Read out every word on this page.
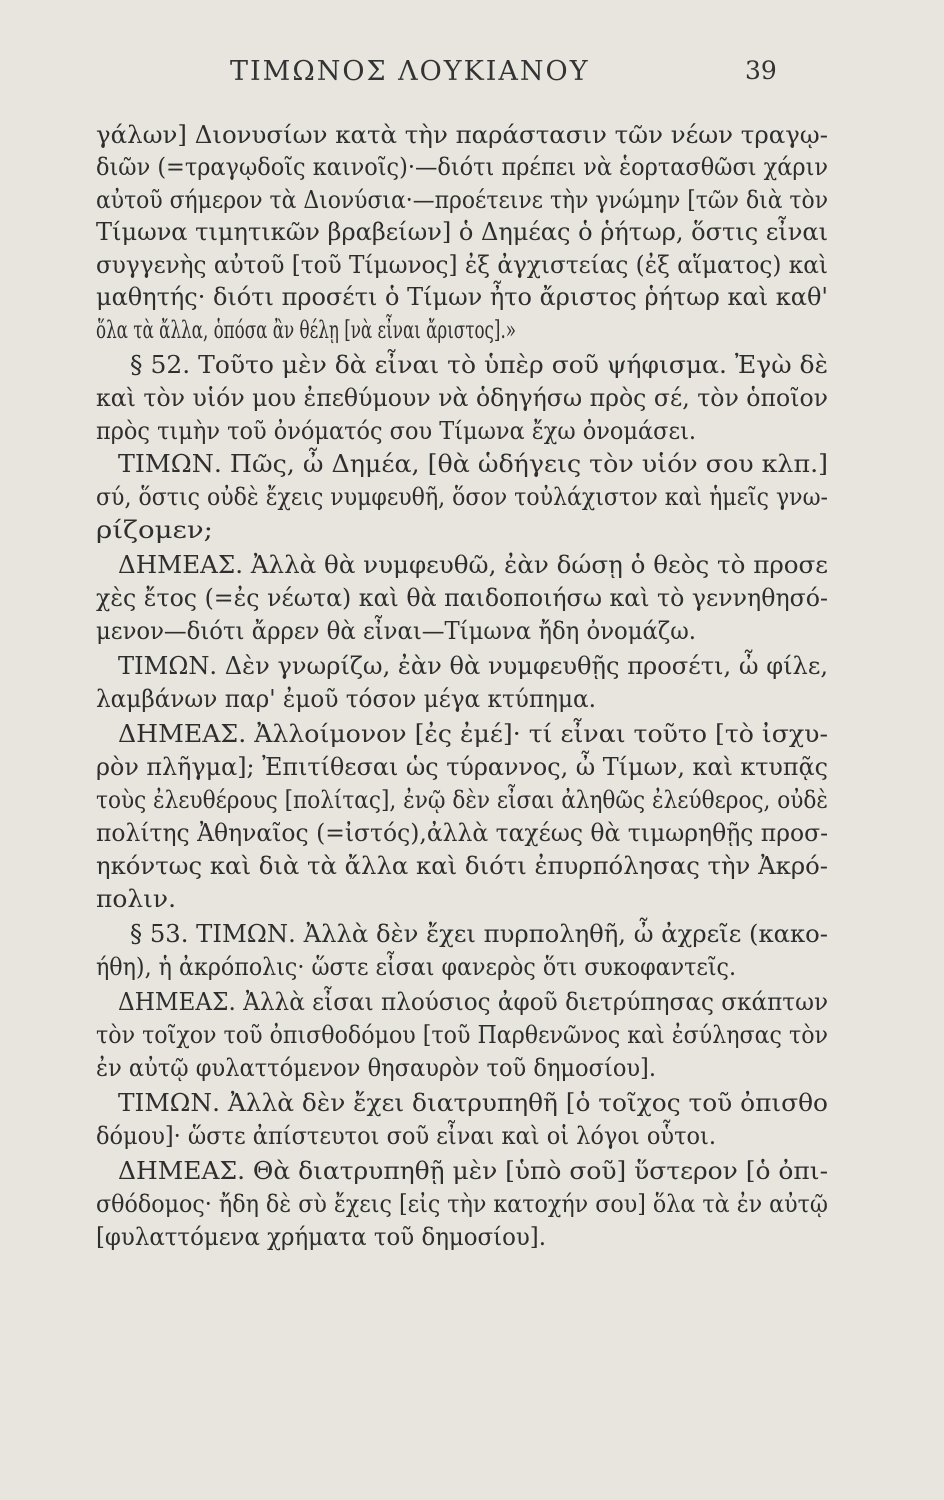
ΤΙΜΩΝΟΣ ΛΟΥΚΙΑΝΟΥ	39
γάλων] Διονυσίων κατὰ τὴν παράστασιν τῶν νέων τραγῳ-
διῶν (=τραγῳδοῖς καινοῖς)·—διότι πρέπει νὰ ἑορτασθῶσι χάριν
αὐτοῦ σήμερον τὰ Διονύσια·—προέτεινε τὴν γνώμην [τῶν διὰ τὸν
Τίμωνα τιμητικῶν βραβείων] ὁ Δημέας ὁ ῥήτωρ, ὅστις εἶναι
συγγενὴς αὐτοῦ [τοῦ Τίμωνος] ἐξ ἀγχιστείας (ἐξ αἵματος) καὶ
μαθητής· διότι προσέτι ὁ Τίμων ἦτο ἄριστος ῥήτωρ καὶ καθ'
ὅλα τὰ ἄλλα, ὁπόσα ἂν θέλῃ [νὰ εἶναι ἄριστος].»
§ 52. Τοῦτο μὲν δὰ εἶναι τὸ ὑπὲρ σοῦ ψήφισμα. Ἐγὼ δὲ
καὶ τὸν υἱόν μου ἐπεθύμουν νὰ ὁδηγήσω πρὸς σέ, τὸν ὁποῖον
πρὸς τιμὴν τοῦ ὀνόματός σου Τίμωνα ἔχω ὀνομάσει.
ΤΙΜΩΝ. Πῶς, ὦ Δημέα, [θὰ ὡδήγεις τὸν υἱόν σου κλπ.]
σύ, ὅστις οὐδὲ ἔχεις νυμφευθῆ, ὅσον τοὐλάχιστον καὶ ἡμεῖς γνω-
ρίζομεν;
ΔΗΜΕΑΣ. Ἀλλὰ θὰ νυμφευθῶ, ἐὰν δώσῃ ὁ θεὸς τὸ προσε
χὲς ἔτος (=ἐς νέωτα) καὶ θὰ παιδοποιήσω καὶ τὸ γεννηθησό-
μενον—διότι ἄρρεν θὰ εἶναι—Τίμωνα ἤδη ὀνομάζω.
ΤΙΜΩΝ. Δὲν γνωρίζω, ἐὰν θὰ νυμφευθῇς προσέτι, ὦ φίλε,
λαμβάνων παρ' ἐμοῦ τόσον μέγα κτύπημα.
ΔΗΜΕΑΣ. Ἀλλοίμονον [ἐς ἐμέ]· τί εἶναι τοῦτο [τὸ ἰσχυ-
ρὸν πλῆγμα]; Ἐπιτίθεσαι ὡς τύραννος, ὦ Τίμων, καὶ κτυπᾷς
τοὺς ἐλευθέρους [πολίτας], ἐνῷ δὲν εἶσαι ἀληθῶς ἐλεύθερος, οὐδὲ
πολίτης Ἀθηναῖος (=ἰστός),ἀλλὰ ταχέως θὰ τιμωρηθῇς προσ-
ηκόντως καὶ διὰ τὰ ἄλλα καὶ διότι ἐπυρπόλησας τὴν Ἀκρό-
πολιν.
§ 53. ΤΙΜΩΝ. Ἀλλὰ δὲν ἔχει πυρποληθῆ, ὦ ἀχρεῖε (κακο-
ήθη), ἡ ἀκρόπολις· ὥστε εἶσαι φανερὸς ὅτι συκοφαντεῖς.
ΔΗΜΕΑΣ. Ἀλλὰ εἶσαι πλούσιος ἀφοῦ διετρύπησας σκάπτων
τὸν τοῖχον τοῦ ὀπισθοδόμου [τοῦ Παρθενῶνος καὶ ἐσύλησας τὸν
ἐν αὐτῷ φυλαττόμενον θησαυρὸν τοῦ δημοσίου].
ΤΙΜΩΝ. Ἀλλὰ δὲν ἔχει διατρυπηθῆ [ὁ τοῖχος τοῦ ὀπισθο
δόμου]· ὥστε ἀπίστευτοι σοῦ εἶναι καὶ οἱ λόγοι οὗτοι.
ΔΗΜΕΑΣ. Θὰ διατρυπηθῇ μὲν [ὑπὸ σοῦ] ὕστερον [ὁ ὀπι-
σθόδομος· ἤδη δὲ σὺ ἔχεις [εἰς τὴν κατοχήν σου] ὅλα τὰ ἐν αὐτῷ
[φυλαττόμενα χρήματα τοῦ δημοσίου].
